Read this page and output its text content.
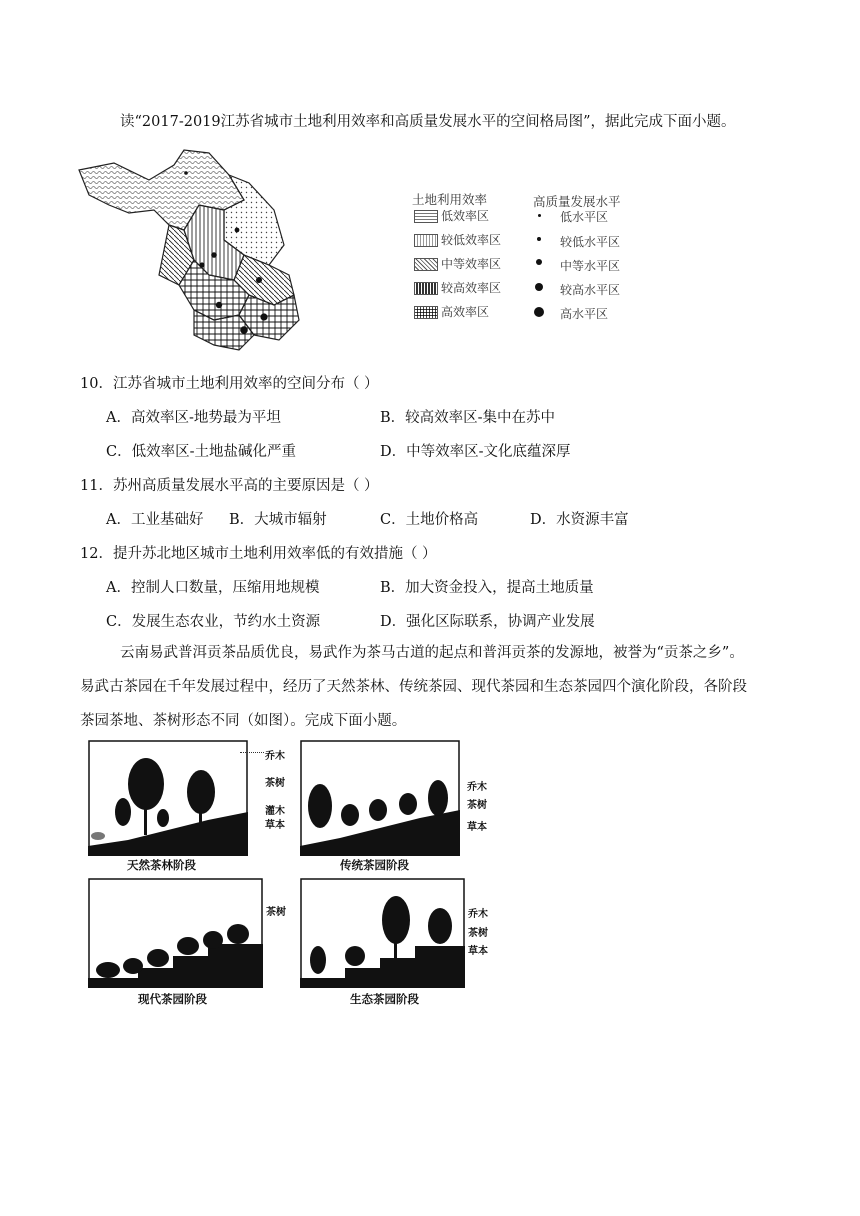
读“2017-2019江苏省城市土地利用效率和高质量发展水平的空间格局图”，据此完成下面小题。
土地利用效率	高质量发展水平
低效率区
较低效率区
中等效率区
较高效率区
高效率区
低水平区
较低水平区
中等水平区
较高水平区
高水平区
10．江苏省城市土地利用效率的空间分布（ ）
A．高效率区-地势最为平坦	B．较高效率区-集中在苏中
C．低效率区-土地盐碱化严重	D．中等效率区-文化底蕴深厚
11．苏州高质量发展水平高的主要原因是（ ）
A．工业基础好 B．大城市辐射	C．土地价格高	D．水资源丰富
12．提升苏北地区城市土地利用效率低的有效措施（ ）
A．控制人口数量，压缩用地规模	B．加大资金投入，提高土地质量
C．发展生态农业，节约水土资源	D．强化区际联系，协调产业发展
云南易武普洱贡茶品质优良，易武作为茶马古道的起点和普洱贡茶的发源地，被誉为“贡茶之乡”。
易武古茶园在千年发展过程中，经历了天然茶林、传统茶园、现代茶园和生态茶园四个演化阶段，各阶段
茶园茶地、茶树形态不同（如图）。完成下面小题。
乔木
茶树
灌木
草本
天然茶林阶段
乔木
茶树
草本
传统茶园阶段
茶树
现代茶园阶段
乔木
茶树
草本
生态茶园阶段
